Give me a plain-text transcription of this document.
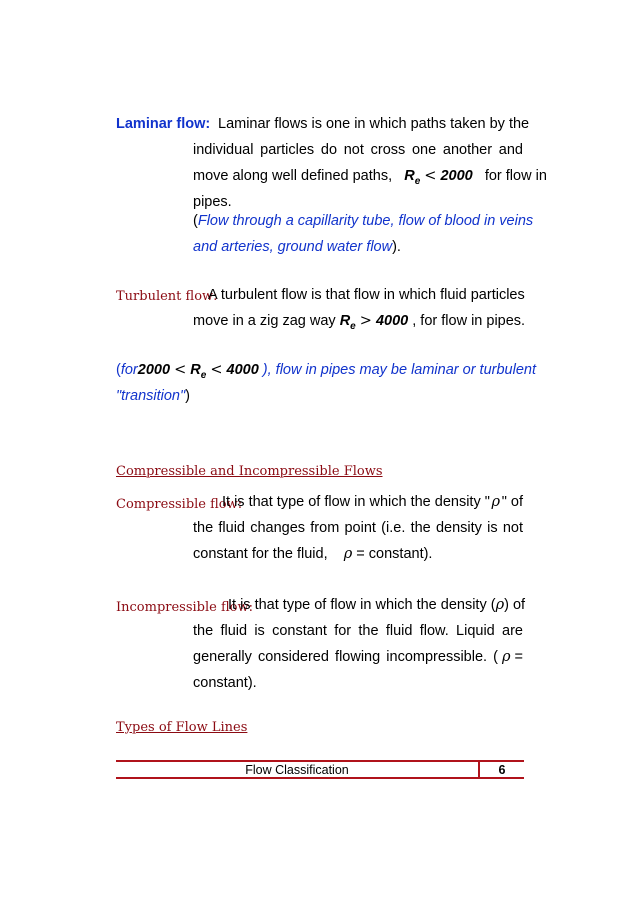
Laminar flow: Laminar flows is one in which paths taken by the
individual particles do not cross one another and
move along well defined paths, $R_e < 2000$ for flow in
pipes.
(Flow through a capillarity tube, flow of blood in veins
and arteries, ground water flow).
Turbulent flow:
A turbulent flow is that flow in which fluid particles
move in a zig zag way $R_e > 4000$ , for flow in pipes.
($for2000 < R_e < 4000$ ), flow in pipes may be laminar or turbulent
"transition")
Compressible and Incompressible Flows
Compressible flow:
It is that type of flow in which the density " ρ " of
the fluid changes from point (i.e. the density is not
constant for the fluid, ρ = constant).
Incompressible flow:
It is that type of flow in which the density ( ρ ) of
the fluid is constant for the fluid flow. Liquid are
generally considered flowing incompressible. ( ρ =
constant).
Types of Flow Lines
Flow Classification	6
